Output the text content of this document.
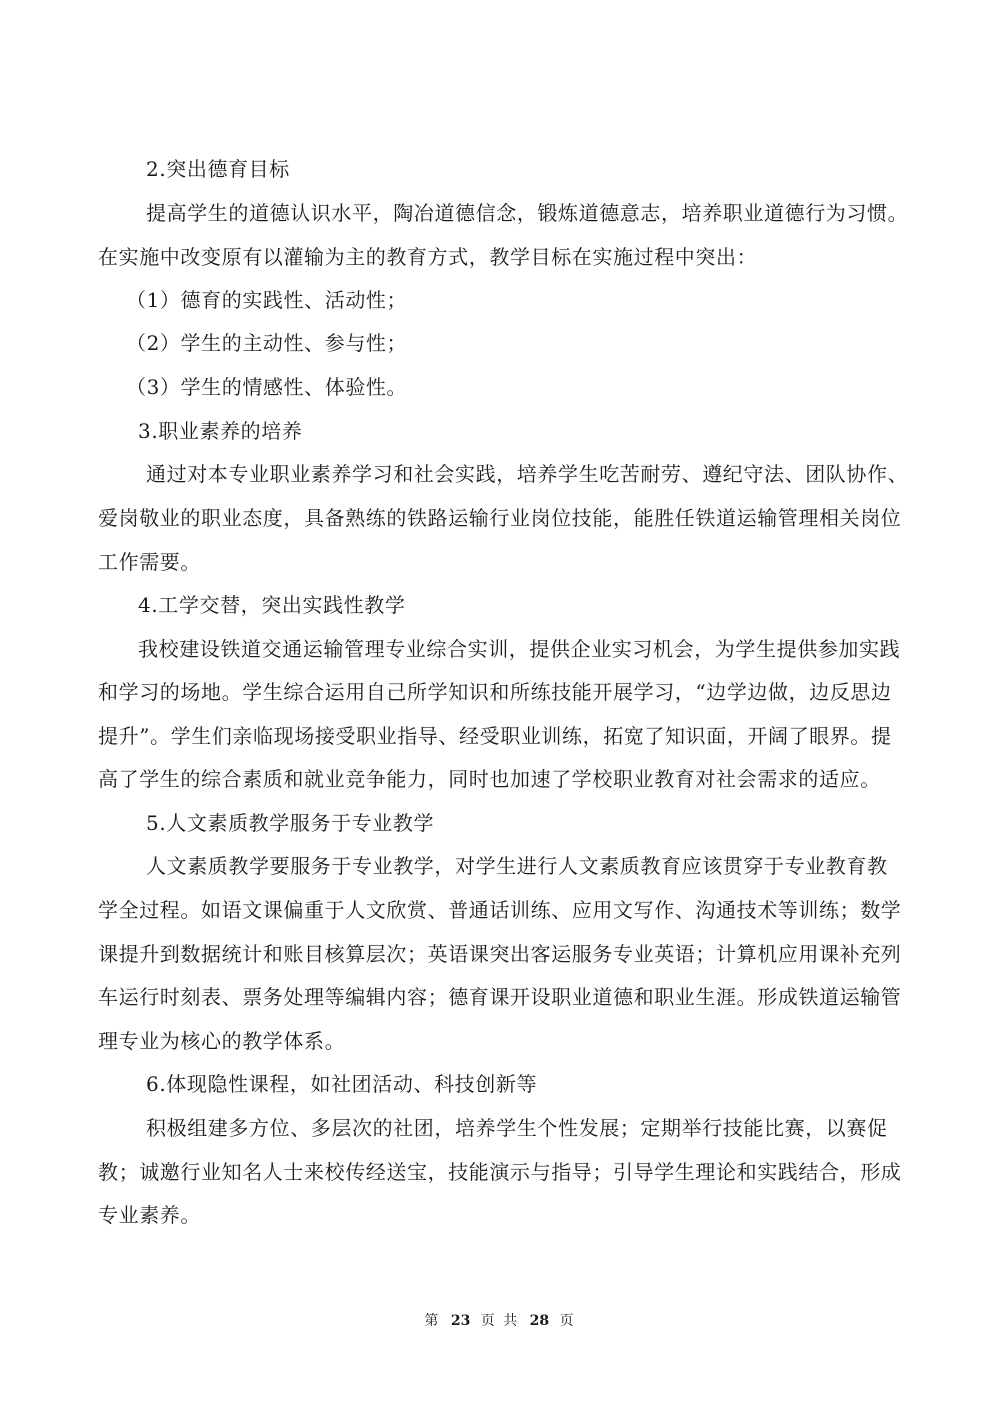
2.突出德育目标
提高学生的道德认识水平，陶冶道德信念，锻炼道德意志，培养职业道德行为习惯。
在实施中改变原有以灌输为主的教育方式，教学目标在实施过程中突出：
（1）德育的实践性、活动性；
（2）学生的主动性、参与性；
（3）学生的情感性、体验性。
3.职业素养的培养
通过对本专业职业素养学习和社会实践，培养学生吃苦耐劳、遵纪守法、团队协作、
爱岗敬业的职业态度，具备熟练的铁路运输行业岗位技能，能胜任铁道运输管理相关岗位
工作需要。
4.工学交替，突出实践性教学
我校建设铁道交通运输管理专业综合实训，提供企业实习机会，为学生提供参加实践
和学习的场地。学生综合运用自己所学知识和所练技能开展学习，“边学边做，边反思边
提升”。学生们亲临现场接受职业指导、经受职业训练，拓宽了知识面，开阔了眼界。提
高了学生的综合素质和就业竞争能力，同时也加速了学校职业教育对社会需求的适应。
5.人文素质教学服务于专业教学
人文素质教学要服务于专业教学，对学生进行人文素质教育应该贯穿于专业教育教
学全过程。如语文课偏重于人文欣赏、普通话训练、应用文写作、沟通技术等训练；数学
课提升到数据统计和账目核算层次；英语课突出客运服务专业英语；计算机应用课补充列
车运行时刻表、票务处理等编辑内容；德育课开设职业道德和职业生涯。形成铁道运输管
理专业为核心的教学体系。
6.体现隐性课程，如社团活动、科技创新等
积极组建多方位、多层次的社团，培养学生个性发展；定期举行技能比赛，以赛促
教；诚邀行业知名人士来校传经送宝，技能演示与指导；引导学生理论和实践结合，形成
专业素养。
第 23 页 共 28 页
